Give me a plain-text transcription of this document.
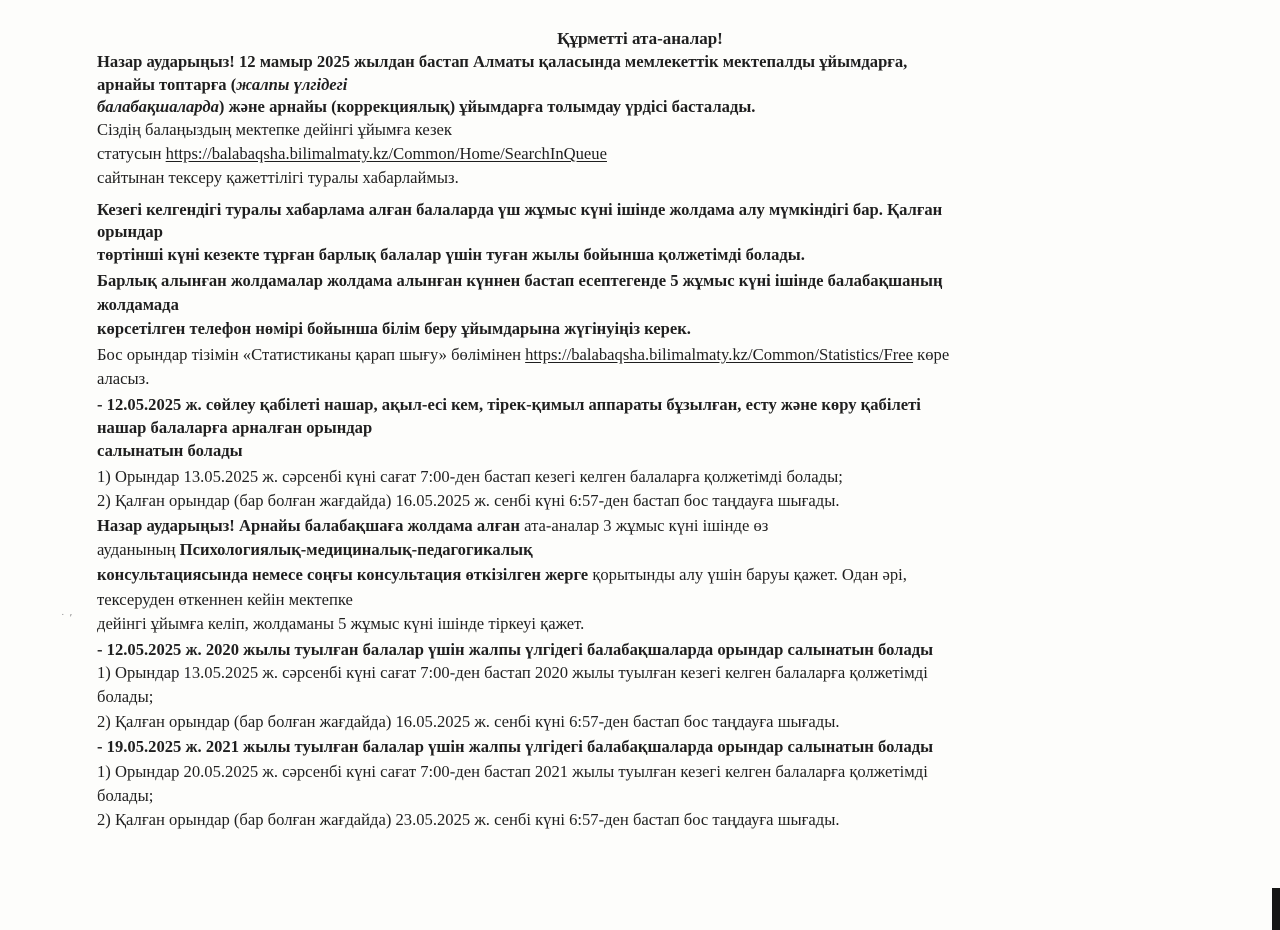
Құрметті ата-аналар!
Назар аударыңыз! 12 мамыр 2025 жылдан бастап Алматы қаласында мемлекеттік мектепалды ұйымдарға,
арнайы топтарға (жалпы үлгідегі
балабақшаларда) және арнайы (коррекциялық) ұйымдарға толымдау үрдісі басталады.
Сіздің балаңыздың мектепке дейінгі ұйымға кезек
статусын https://balabaqsha.bilimalmaty.kz/Common/Home/SearchInQueue
сайтынан тексеру қажеттілігі туралы хабарлаймыз.
Кезегі келгендігі туралы хабарлама алған балаларда үш жұмыс күні ішінде жолдама алу мүмкіндігі бар. Қалған
орындар
төртінші күні кезекте тұрған барлық балалар үшін туған жылы бойынша қолжетімді болады.
Барлық алынған жолдамалар жолдама алынған күннен бастап есептегенде 5 жұмыс күні ішінде балабақшаның
жолдамада
көрсетілген телефон нөмірі бойынша білім беру ұйымдарына жүгінуіңіз керек.
Бос орындар тізімін «Статистиканы қарап шығу» бөлімінен https://balabaqsha.bilimalmaty.kz/Common/Statistics/Free көре
аласыз.
- 12.05.2025 ж. сөйлеу қабілеті нашар, ақыл-есі кем, тірек-қимыл аппараты бұзылған, есту және көру қабілеті
нашар балаларға арналған орындар
салынатын болады
1) Орындар 13.05.2025 ж. сәрсенбі күні сағат 7:00-ден бастап кезегі келген балаларға қолжетімді болады;
2) Қалған орындар (бар болған жағдайда) 16.05.2025 ж. сенбі күні 6:57-ден бастап бос таңдауға шығады.
Назар аударыңыз! Арнайы балабақшаға жолдама алған ата-аналар 3 жұмыс күні ішінде өз
ауданының Психологиялық-медициналық-педагогикалық
консультациясында немесе соңғы консультация өткізілген жерге қорытынды алу үшін баруы қажет. Одан әрі,
тексеруден өткеннен кейін мектепке
дейінгі ұйымға келіп, жолдаманы 5 жұмыс күні ішінде тіркеуі қажет.
- 12.05.2025 ж. 2020 жылы туылған балалар үшін жалпы үлгідегі балабақшаларда орындар салынатын болады
1) Орындар 13.05.2025 ж. сәрсенбі күні сағат 7:00-ден бастап 2020 жылы туылған кезегі келген балаларға қолжетімді
болады;
2) Қалған орындар (бар болған жағдайда) 16.05.2025 ж. сенбі күні 6:57-ден бастап бос таңдауға шығады.
- 19.05.2025 ж. 2021 жылы туылған балалар үшін жалпы үлгідегі балабақшаларда орындар салынатын болады
1) Орындар 20.05.2025 ж. сәрсенбі күні сағат 7:00-ден бастап 2021 жылы туылған кезегі келген балаларға қолжетімді
болады;
2) Қалған орындар (бар болған жағдайда) 23.05.2025 ж. сенбі күні 6:57-ден бастап бос таңдауға шығады.
˙ ’
